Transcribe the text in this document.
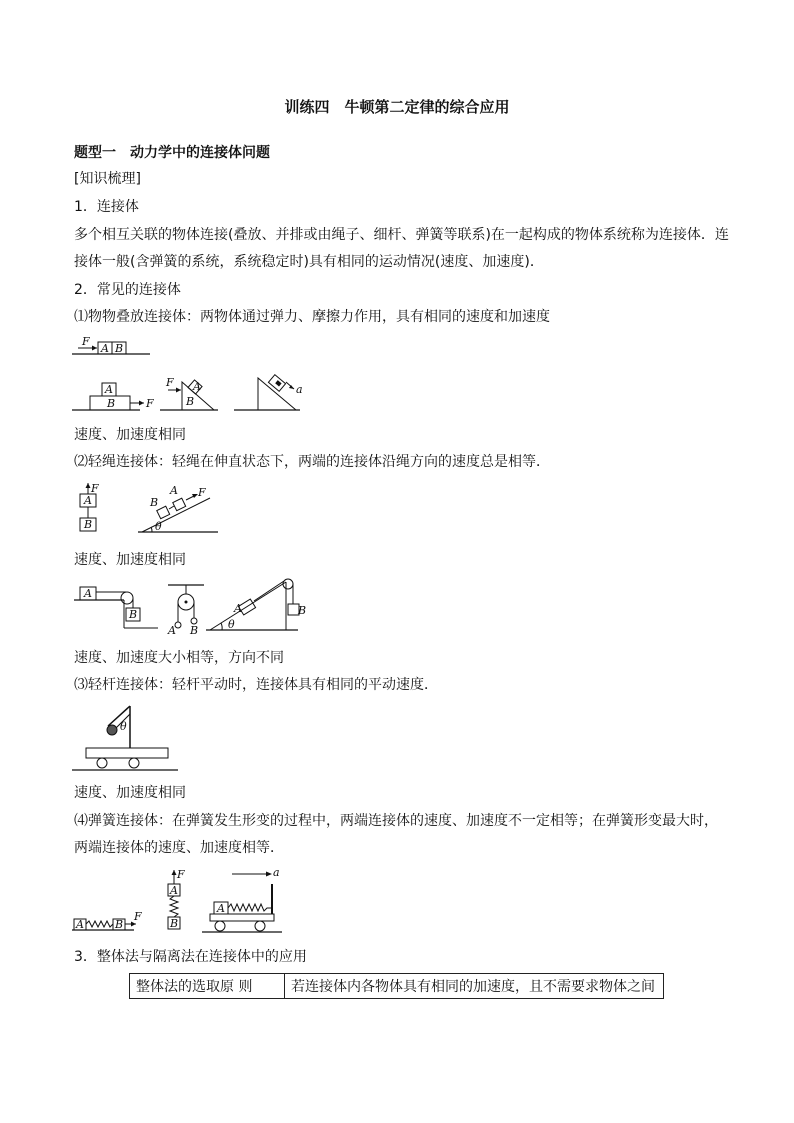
训练四　牛顿第二定律的综合应用
题型一　动力学中的连接体问题
[知识梳理]
1．连接体
多个相互关联的物体连接(叠放、并排或由绳子、细杆、弹簧等联系)在一起构成的物体系统称为连接体．连
接体一般(含弹簧的系统，系统稳定时)具有相同的运动情况(速度、加速度)．
2．常见的连接体
⑴物物叠放连接体：两物体通过弹力、摩擦力作用，具有相同的速度和加速度
A B
F
A
B	F
A
F
B
a
速度、加速度相同
⑵轻绳连接体：轻绳在伸直状态下，两端的连接体沿绳方向的速度总是相等．
F
A
B
B
A F
θ
速度、加速度相同
A
B
A B
B
A
θ
速度、加速度大小相等，方向不同
⑶轻杆连接体：轻杆平动时，连接体具有相同的平动速度．
θ
速度、加速度相同
⑷弹簧连接体：在弹簧发生形变的过程中，两端连接体的速度、加速度不一定相等；在弹簧形变最大时，
两端连接体的速度、加速度相等．
A	B
F
F
A
B
a
A
3．整体法与隔离法在连接体中的应用
整体法的选取原 则	若连接体内各物体具有相同的加速度，且不需要求物体之间
